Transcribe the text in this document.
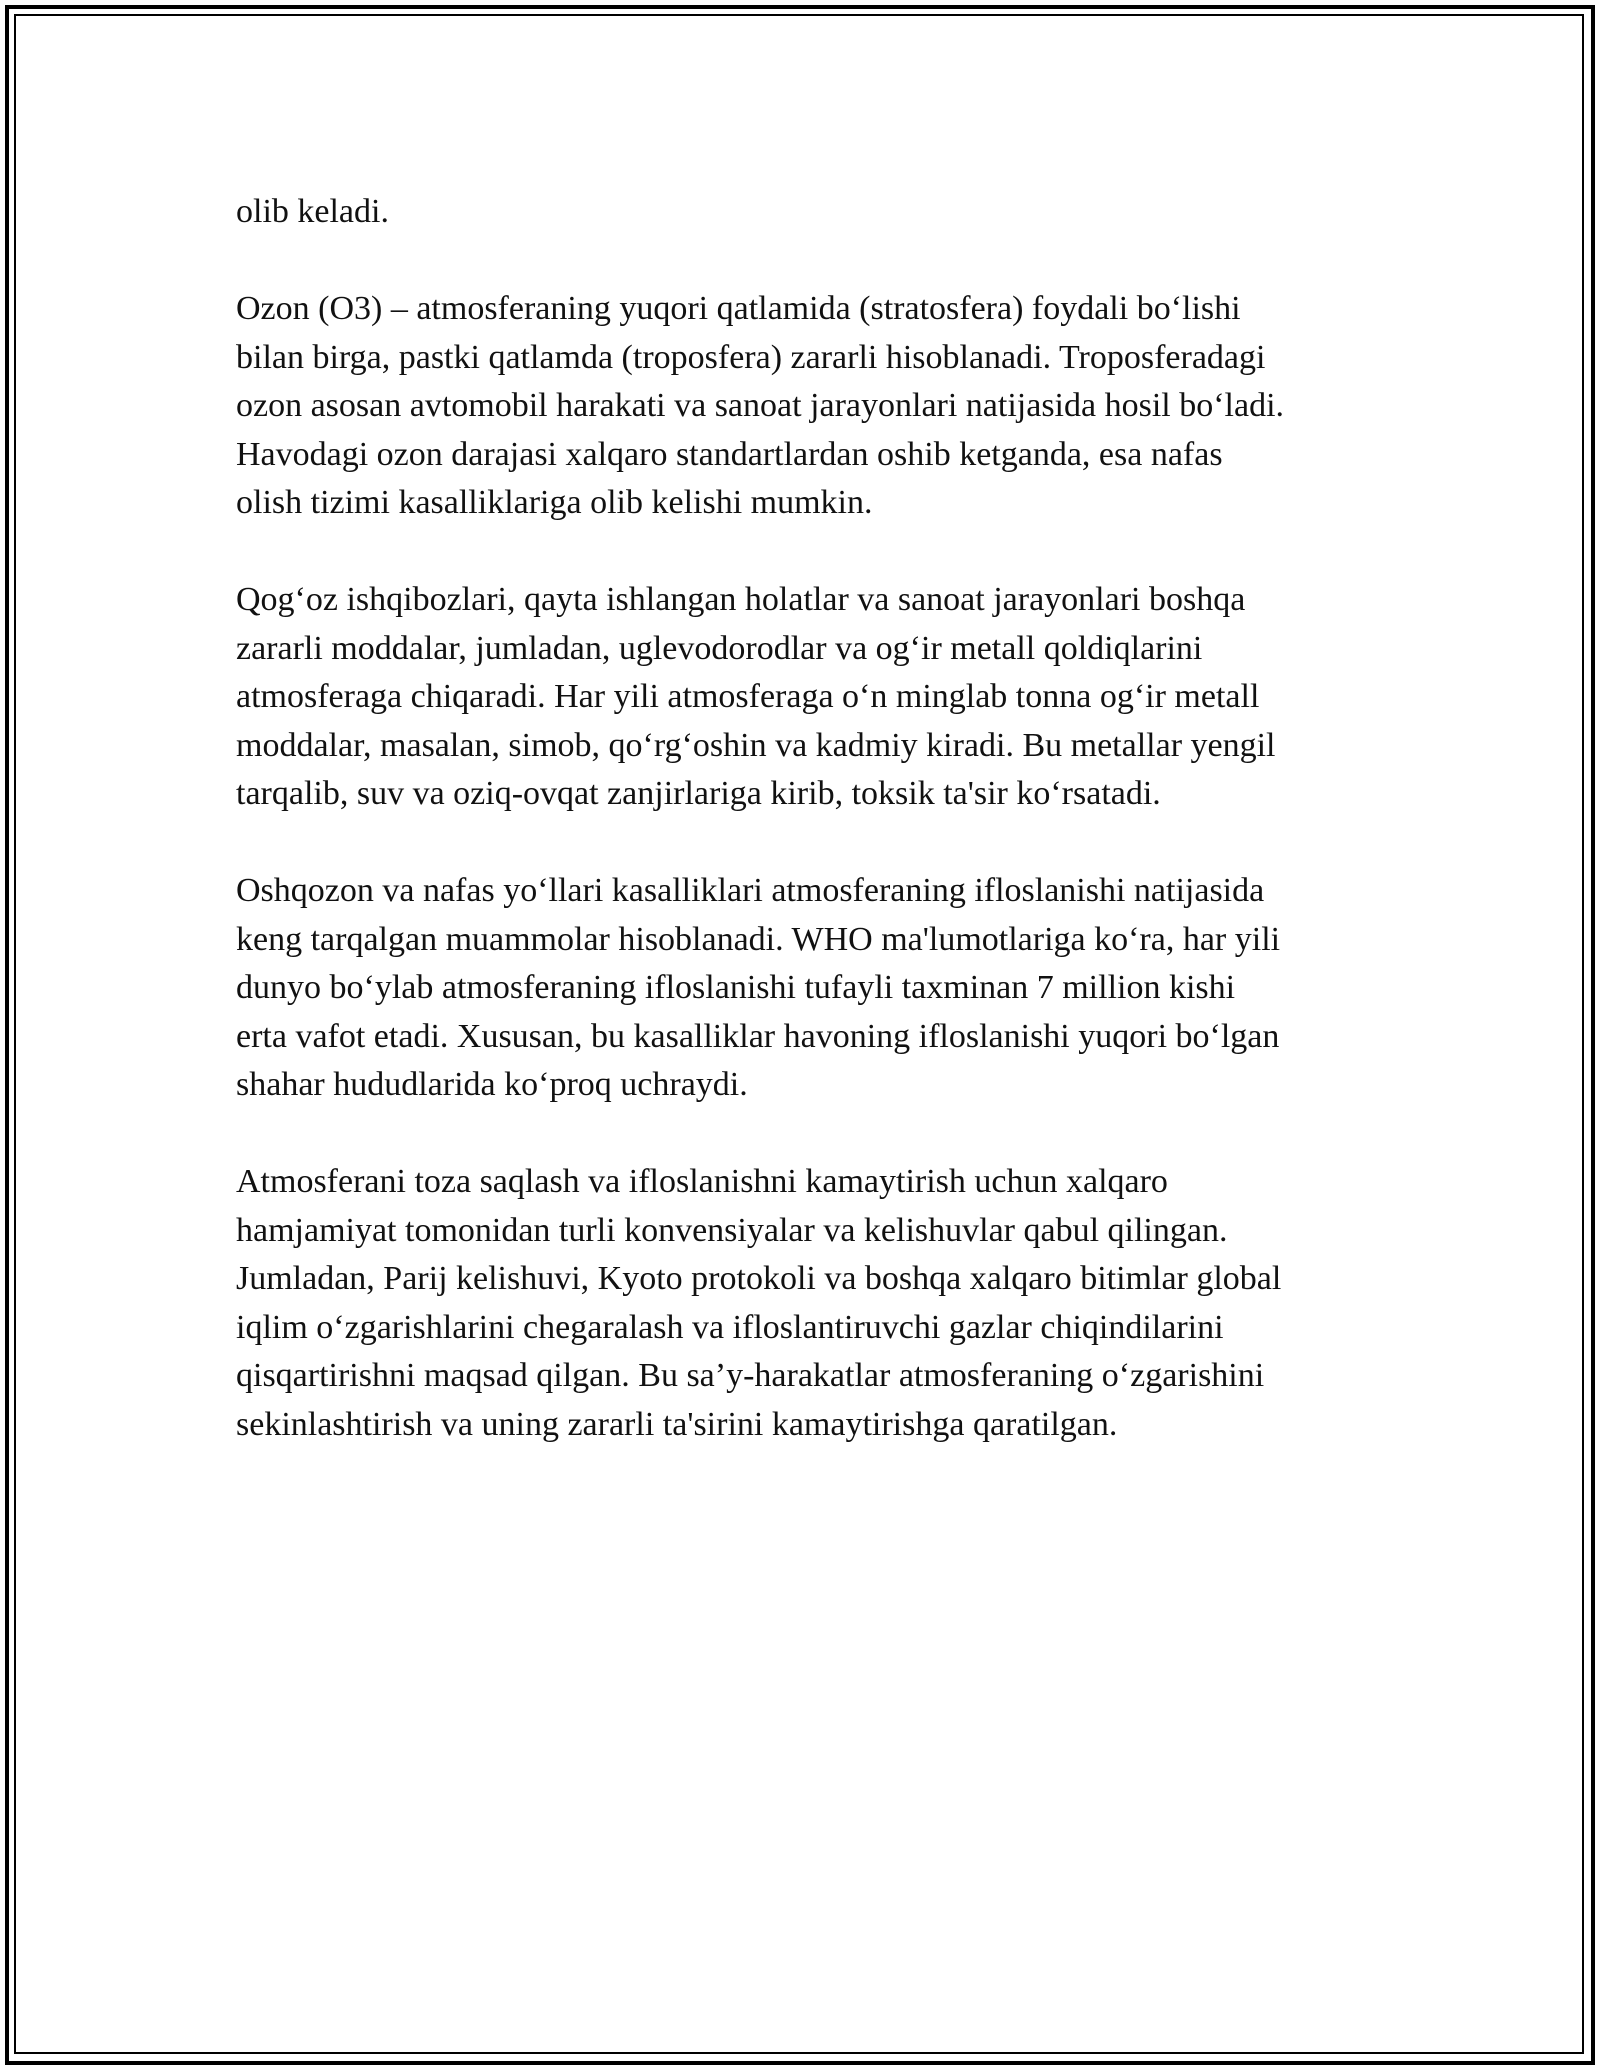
olib keladi.

Ozon (O3) – atmosferaning yuqori qatlamida (stratosfera) foydali bo‘lishi
bilan birga, pastki qatlamda (troposfera) zararli hisoblanadi. Troposferadagi
ozon asosan avtomobil harakati va sanoat jarayonlari natijasida hosil bo‘ladi.
Havodagi ozon darajasi xalqaro standartlardan oshib ketganda, esa nafas
olish tizimi kasalliklariga olib kelishi mumkin.

Qog‘oz ishqibozlari, qayta ishlangan holatlar va sanoat jarayonlari boshqa
zararli moddalar, jumladan, uglevodorodlar va og‘ir metall qoldiqlarini
atmosferaga chiqaradi. Har yili atmosferaga o‘n minglab tonna og‘ir metall
moddalar, masalan, simob, qo‘rg‘oshin va kadmiy kiradi. Bu metallar yengil
tarqalib, suv va oziq-ovqat zanjirlariga kirib, toksik ta'sir ko‘rsatadi.

Oshqozon va nafas yo‘llari kasalliklari atmosferaning ifloslanishi natijasida
keng tarqalgan muammolar hisoblanadi. WHO ma'lumotlariga ko‘ra, har yili
dunyo bo‘ylab atmosferaning ifloslanishi tufayli taxminan 7 million kishi
erta vafot etadi. Xususan, bu kasalliklar havoning ifloslanishi yuqori bo‘lgan
shahar hududlarida ko‘proq uchraydi.

Atmosferani toza saqlash va ifloslanishni kamaytirish uchun xalqaro
hamjamiyat tomonidan turli konvensiyalar va kelishuvlar qabul qilingan.
Jumladan, Parij kelishuvi, Kyoto protokoli va boshqa xalqaro bitimlar global
iqlim o‘zgarishlarini chegaralash va ifloslantiruvchi gazlar chiqindilarini
qisqartirishni maqsad qilgan. Bu sa’y-harakatlar atmosferaning o‘zgarishini
sekinlashtirish va uning zararli ta'sirini kamaytirishga qaratilgan.
